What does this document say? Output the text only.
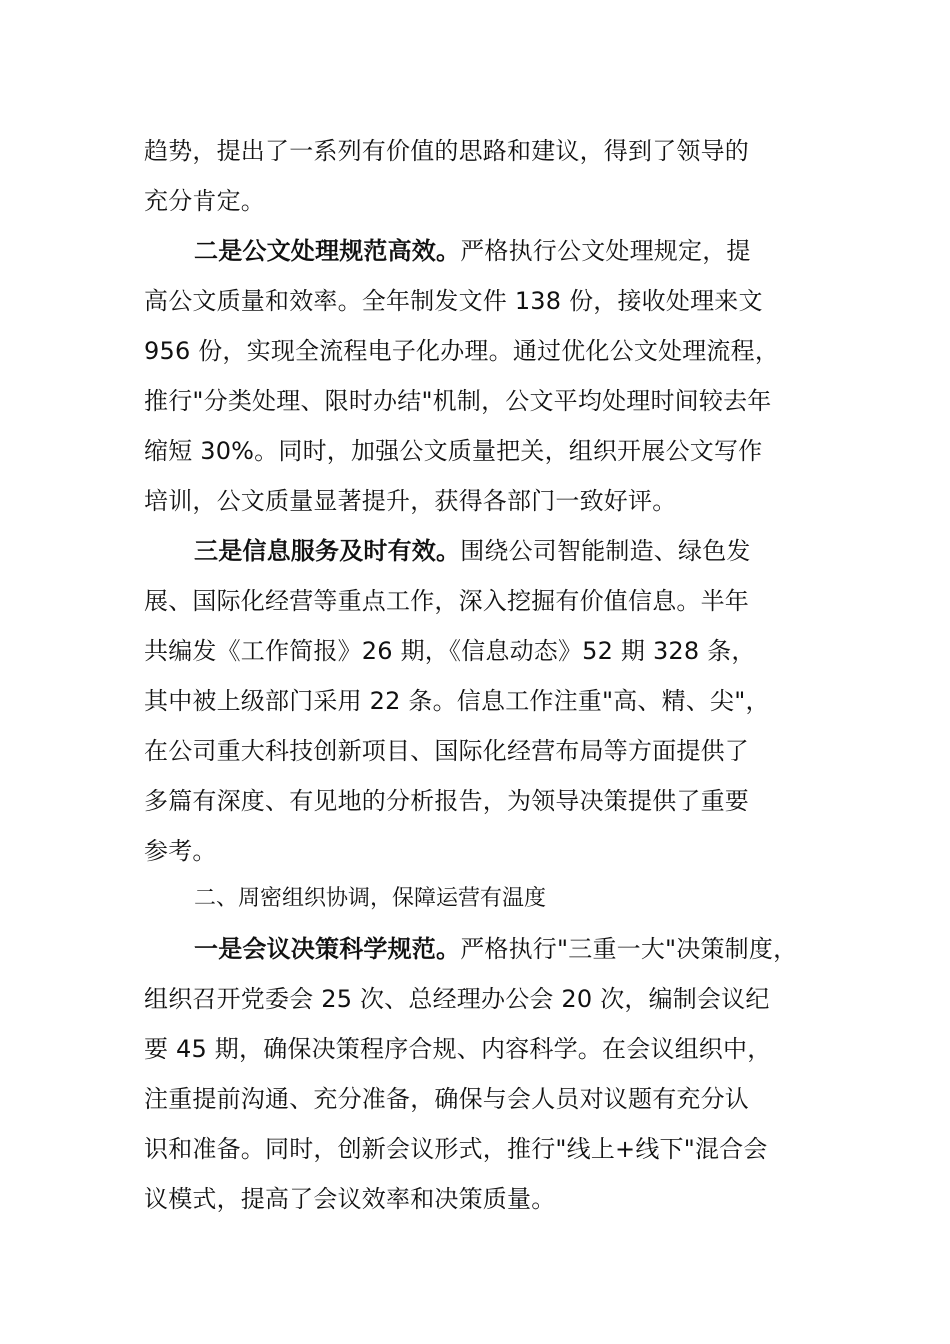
趋势，提出了一系列有价值的思路和建议，得到了领导的
充分肯定。
二是公文处理规范高效。严格执行公文处理规定，提
高公文质量和效率。全年制发文件 138 份，接收处理来文
956 份，实现全流程电子化办理。通过优化公文处理流程，
推行"分类处理、限时办结"机制，公文平均处理时间较去年
缩短 30%。同时，加强公文质量把关，组织开展公文写作
培训，公文质量显著提升，获得各部门一致好评。
三是信息服务及时有效。围绕公司智能制造、绿色发
展、国际化经营等重点工作，深入挖掘有价值信息。半年
共编发《工作简报》26 期，《信息动态》52 期 328 条，
其中被上级部门采用 22 条。信息工作注重"高、精、尖"，
在公司重大科技创新项目、国际化经营布局等方面提供了
多篇有深度、有见地的分析报告，为领导决策提供了重要
参考。
二、周密组织协调，保障运营有温度
一是会议决策科学规范。严格执行"三重一大"决策制度，
组织召开党委会 25 次、总经理办公会 20 次，编制会议纪
要 45 期，确保决策程序合规、内容科学。在会议组织中，
注重提前沟通、充分准备，确保与会人员对议题有充分认
识和准备。同时，创新会议形式，推行"线上+线下"混合会
议模式，提高了会议效率和决策质量。
